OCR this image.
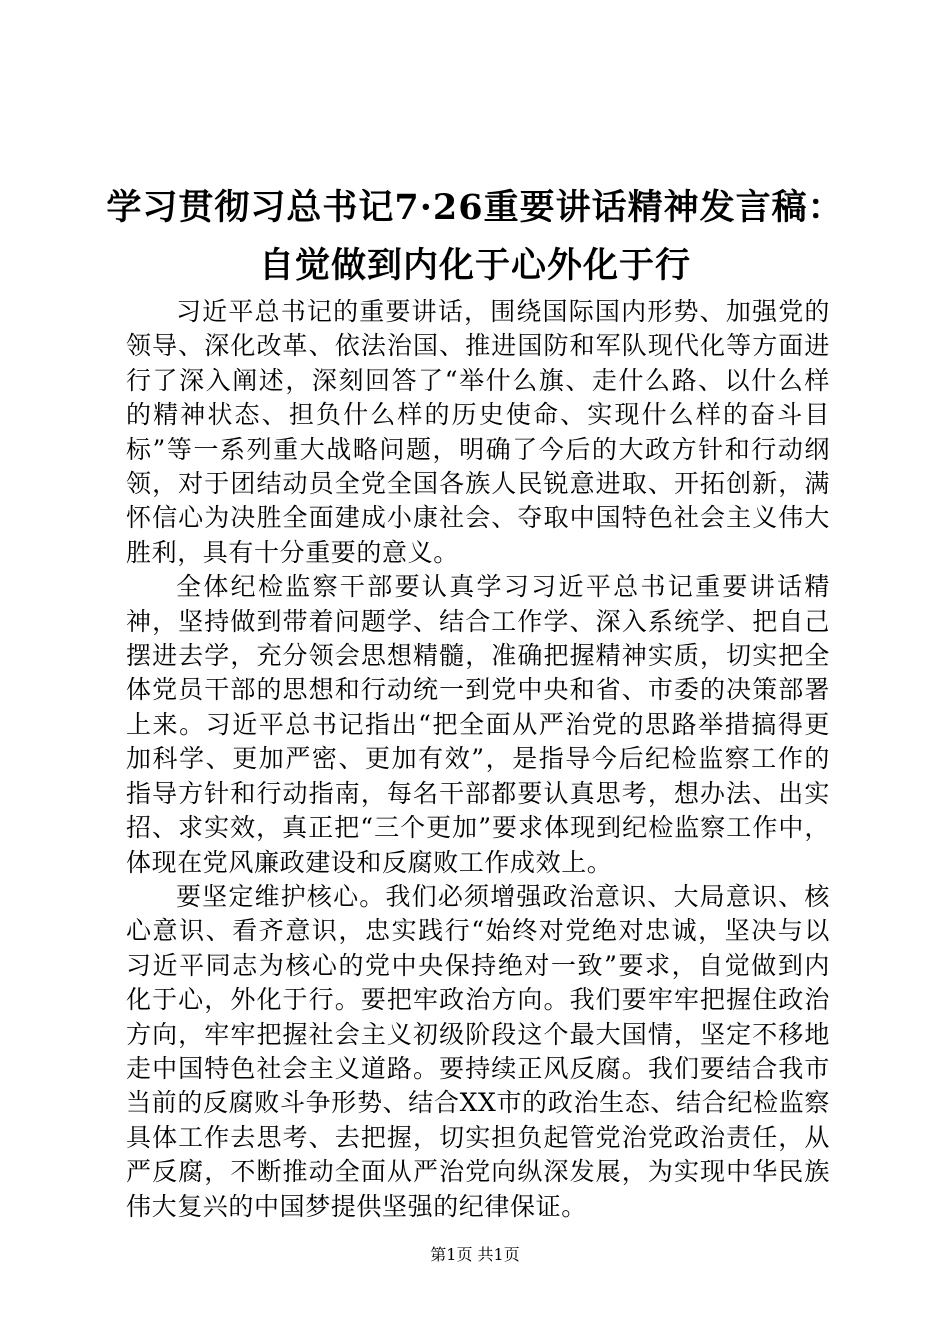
学习贯彻习总书记7·26重要讲话精神发言稿：
自觉做到内化于心外化于行

习近平总书记的重要讲话，围绕国际国内形势、加强党的领导、深化改革、依法治国、推进国防和军队现代化等方面进行了深入阐述，深刻回答了“举什么旗、走什么路、以什么样的精神状态、担负什么样的历史使命、实现什么样的奋斗目标”等一系列重大战略问题，明确了今后的大政方针和行动纲领，对于团结动员全党全国各族人民锐意进取、开拓创新，满怀信心为决胜全面建成小康社会、夺取中国特色社会主义伟大胜利，具有十分重要的意义。

全体纪检监察干部要认真学习习近平总书记重要讲话精神，坚持做到带着问题学、结合工作学、深入系统学、把自己摆进去学，充分领会思想精髓，准确把握精神实质，切实把全体党员干部的思想和行动统一到党中央和省、市委的决策部署上来。习近平总书记指出“把全面从严治党的思路举措搞得更加科学、更加严密、更加有效”，是指导今后纪检监察工作的指导方针和行动指南，每名干部都要认真思考，想办法、出实招、求实效，真正把“三个更加”要求体现到纪检监察工作中，体现在党风廉政建设和反腐败工作成效上。

要坚定维护核心。我们必须增强政治意识、大局意识、核心意识、看齐意识，忠实践行“始终对党绝对忠诚，坚决与以习近平同志为核心的党中央保持绝对一致”要求，自觉做到内化于心，外化于行。要把牢政治方向。我们要牢牢把握住政治方向，牢牢把握社会主义初级阶段这个最大国情，坚定不移地走中国特色社会主义道路。要持续正风反腐。我们要结合我市当前的反腐败斗争形势、结合XX市的政治生态、结合纪检监察具体工作去思考、去把握，切实担负起管党治党政治责任，从严反腐，不断推动全面从严治党向纵深发展，为实现中华民族伟大复兴的中国梦提供坚强的纪律保证。

第1页 共1页
